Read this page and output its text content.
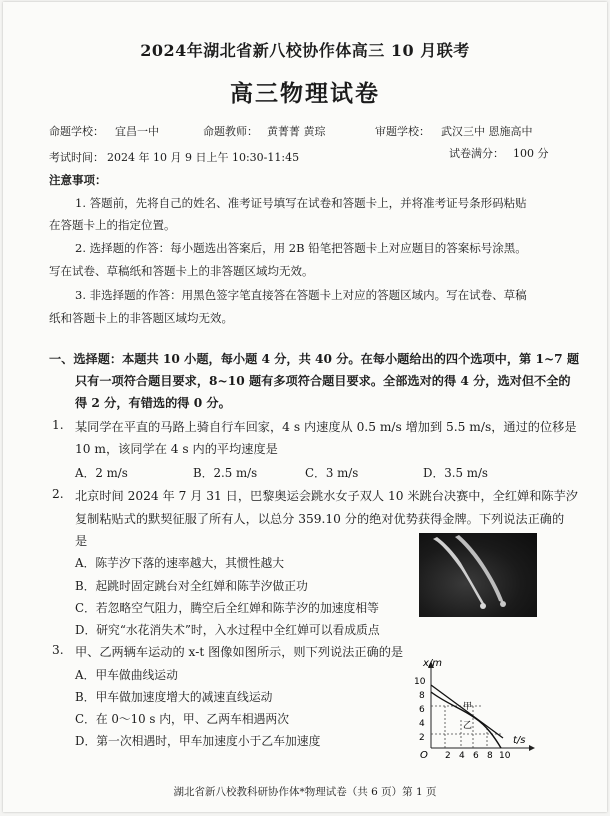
2024年湖北省新八校协作体高三 10 月联考
高三物理试卷
命题学校： 宜昌一中	命题教师： 黄菁菁 黄琮	审题学校： 武汉三中 恩施高中
考试时间： 2024 年 10 月 9 日上午 10:30-11:45	试卷满分： 100 分
注意事项：
1. 答题前，先将自己的姓名、准考证号填写在试卷和答题卡上，并将准考证号条形码粘贴
在答题卡上的指定位置。
2. 选择题的作答：每小题选出答案后，用 2B 铅笔把答题卡上对应题目的答案标号涂黑。
写在试卷、草稿纸和答题卡上的非答题区域均无效。
3. 非选择题的作答：用黑色签字笔直接答在答题卡上对应的答题区域内。写在试卷、草稿
纸和答题卡上的非答题区域均无效。
一、选择题：本题共 10 小题，每小题 4 分，共 40 分。在每小题给出的四个选项中，第 1~7 题
只有一项符合题目要求，8~10 题有多项符合题目要求。全部选对的得 4 分，选对但不全的
得 2 分，有错选的得 0 分。
1. 某同学在平直的马路上骑自行车回家，4 s 内速度从 0.5 m/s 增加到 5.5 m/s，通过的位移是
10 m，该同学在 4 s 内的平均速度是
A．2 m/s	B．2.5 m/s	C．3 m/s	D．3.5 m/s
2. 北京时间 2024 年 7 月 31 日，巴黎奥运会跳水女子双人 10 米跳台决赛中，全红婵和陈芋汐
复制粘贴式的默契征服了所有人，以总分 359.10 分的绝对优势获得金牌。下列说法正确的
是
A．陈芋汐下落的速率越大，其惯性越大
B．起跳时固定跳台对全红婵和陈芋汐做正功
C．若忽略空气阻力，腾空后全红婵和陈芋汐的加速度相等
D．研究“水花消失术”时，入水过程中全红婵可以看成质点
3. 甲、乙两辆车运动的 x-t 图像如图所示，则下列说法正确的是
A．甲车做曲线运动
B．甲车做加速度增大的减速直线运动
C．在 0～10 s 内，甲、乙两车相遇两次
D．第一次相遇时，甲车加速度小于乙车加速度
x/m
t/s
O
2
4
6
8
10
2 4 6 8 10
甲
乙
湖北省新八校教科研协作体*物理试卷（共 6 页）第 1 页
